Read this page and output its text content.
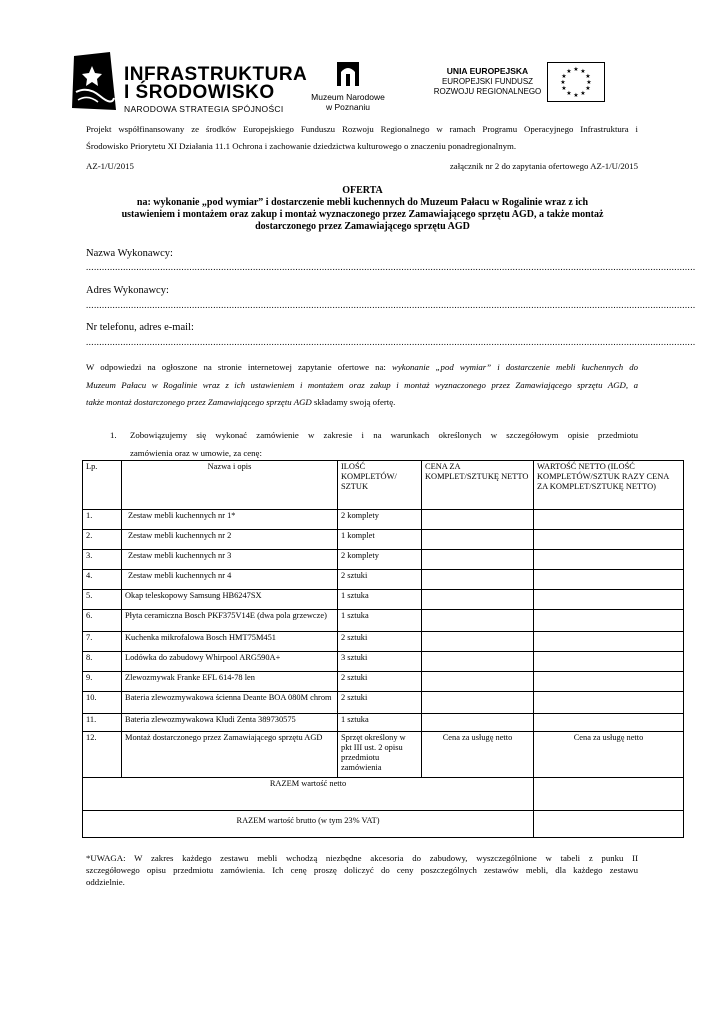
INFRASTRUKTURA
I ŚRODOWISKO
NARODOWA STRATEGIA SPÓJNOŚCI
Muzeum Narodowe
w Poznaniu
UNIA EUROPEJSKA
EUROPEJSKI FUNDUSZ
ROZWOJU REGIONALNEGO
★ ★
★
★
★
★
★
★
★
★
★
★
Projekt współfinansowany ze środków Europejskiego Funduszu Rozwoju Regionalnego w ramach Programu Operacyjnego Infrastruktura i
Środowisko Priorytetu XI Działania 11.1 Ochrona i zachowanie dziedzictwa kulturowego o znaczeniu ponadregionalnym.
AZ-1/U/2015	załącznik nr 2 do zapytania ofertowego AZ-1/U/2015
OFERTA
na: wykonanie „pod wymiar” i dostarczenie mebli kuchennych do Muzeum Pałacu w Rogalinie wraz z ich
ustawieniem i montażem oraz zakup i montaż wyznaczonego przez Zamawiającego sprzętu AGD, a także montaż
dostarczonego przez Zamawiającego sprzętu AGD
Nazwa Wykonawcy:
......................................................................................................................................................................................................................................
Adres Wykonawcy:
......................................................................................................................................................................................................................................
Nr telefonu, adres e-mail:
......................................................................................................................................................................................................................................
W odpowiedzi na ogłoszone na stronie internetowej zapytanie ofertowe na: wykonanie „pod wymiar” i dostarczenie mebli kuchennych do
Muzeum Pałacu w Rogalinie wraz z ich ustawieniem i montażem oraz zakup i montaż wyznaczonego przez Zamawiającego sprzętu AGD, a
także montaż dostarczonego przez Zamawiającego sprzętu AGD składamy swoją ofertę.
1. Zobowiązujemy się wykonać zamówienie w zakresie i na warunkach określonych w szczegółowym opisie przedmiotu
zamówienia oraz w umowie, za cenę:
Lp.	Nazwa i opis	ILOŚĆ KOMPLETÓW/ SZTUK	CENA ZA KOMPLET/SZTUKĘ NETTO	WARTOŚĆ NETTO (ILOŚĆ KOMPLETÓW/SZTUK RAZY CENA ZA KOMPLET/SZTUKĘ NETTO)
1.	Zestaw mebli kuchennych nr 1*	2 komplety		
2.	Zestaw mebli kuchennych nr 2	1 komplet		
3.	Zestaw mebli kuchennych nr 3	2 komplety		
4.	Zestaw mebli kuchennych nr 4	2 sztuki		
5.	Okap teleskopowy Samsung HB6247SX	1 sztuka		
6.	Płyta ceramiczna Bosch PKF375V14E (dwa pola grzewcze)	1 sztuka		
7.	Kuchenka mikrofalowa Bosch HMT75M451	2 sztuki		
8.	Lodówka do zabudowy Whirpool ARG590A+	3 sztuki		
9.	Zlewozmywak Franke EFL 614-78 len	2 sztuki		
10.	Bateria zlewozmywakowa ścienna Deante BOA 080M chrom	2 sztuki		
11.	Bateria zlewozmywakowa Kludi Zenta 389730575	1 sztuka		
12.	Montaż dostarczonego przez Zamawiającego sprzętu AGD	Sprzęt określony w pkt III ust. 2 opisu przedmiotu zamówienia	Cena za usługę netto	Cena za usługę netto
RAZEM wartość netto				
RAZEM wartość brutto (w tym 23% VAT)				
*UWAGA: W zakres każdego zestawu mebli wchodzą niezbędne akcesoria do zabudowy, wyszczególnione w tabeli z punku II
szczegółowego opisu przedmiotu zamówienia. Ich cenę proszę doliczyć do ceny poszczególnych zestawów mebli, dla każdego zestawu
oddzielnie.
